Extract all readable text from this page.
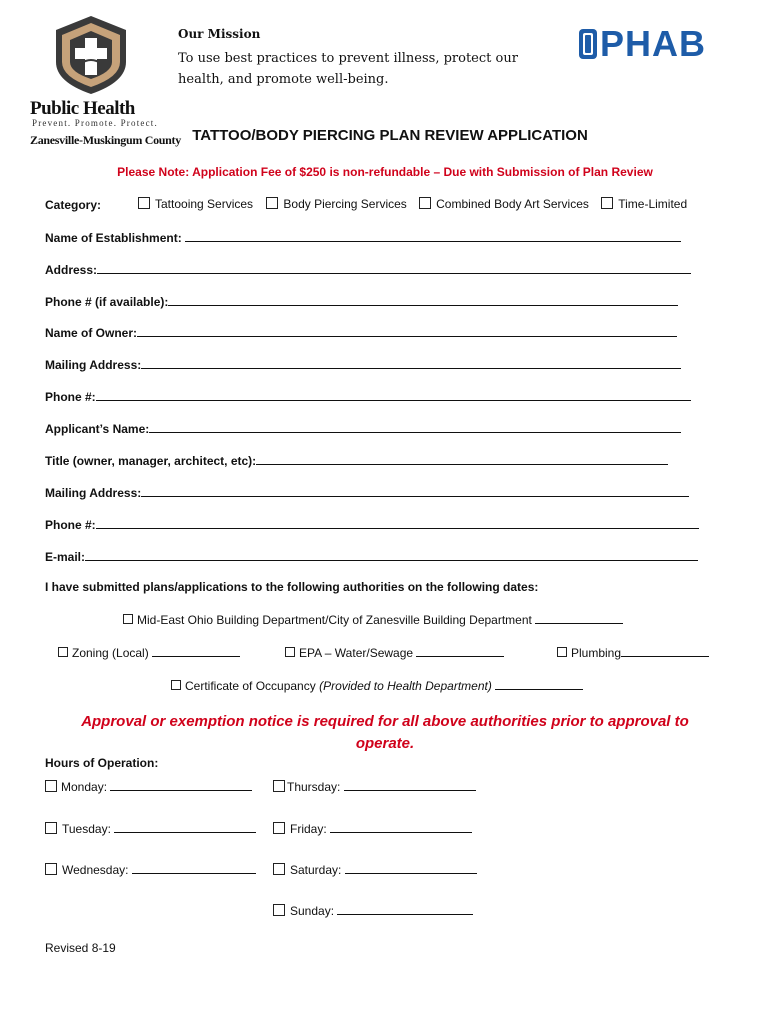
Public Health
Prevent. Promote. Protect.
Zanesville-Muskingum County
Our Mission
To use best practices to prevent illness, protect our health, and promote well-being.
PHAB
TATTOO/BODY PIERCING PLAN REVIEW APPLICATION
Please Note: Application Fee of $250 is non-refundable – Due with Submission of Plan Review
Category:	Tattooing Services	Body Piercing Services Combined Body Art Services Time-Limited
Name of Establishment:
Address:
Phone # (if available):
Name of Owner:
Mailing Address:
Phone #:
Applicant’s Name:
Title (owner, manager, architect, etc):
Mailing Address:
Phone #:
E-mail:
I have submitted plans/applications to the following authorities on the following dates:
Mid-East Ohio Building Department/City of Zanesville Building Department
Zoning (Local)	EPA – Water/Sewage	Plumbing
Certificate of Occupancy (Provided to Health Department)
Approval or exemption notice is required for all above authorities prior to approval to operate.
Hours of Operation:
Monday:	Thursday:
Tuesday:	Friday:
Wednesday:	Saturday:
Sunday:
Revised 8-19
